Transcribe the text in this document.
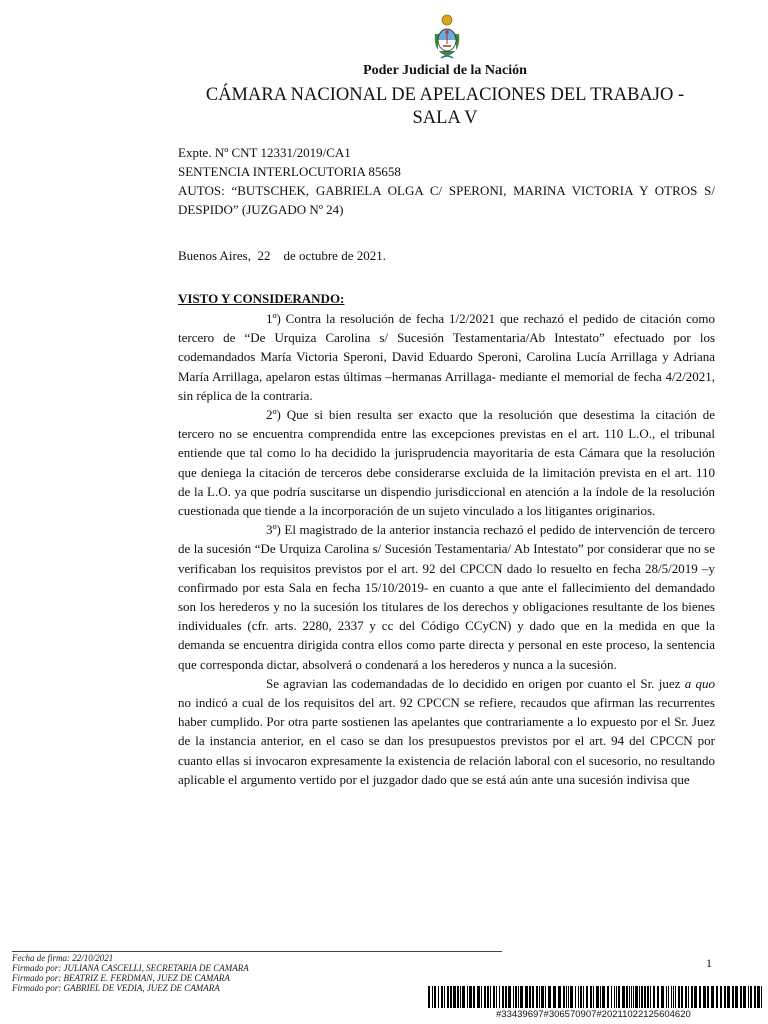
Poder Judicial de la Nación
CÁMARA NACIONAL DE APELACIONES DEL TRABAJO -
SALA V
Expte. Nº CNT 12331/2019/CA1
SENTENCIA INTERLOCUTORIA 85658
AUTOS: “BUTSCHEK, GABRIELA OLGA C/ SPERONI, MARINA VICTORIA Y OTROS S/ DESPIDO” (JUZGADO Nº 24)
Buenos Aires,  22    de octubre de 2021.
VISTO Y CONSIDERANDO:

1º) Contra la resolución de fecha 1/2/2021 que rechazó el pedido de citación como tercero de “De Urquiza Carolina s/ Sucesión Testamentaria/Ab Intestato” efectuado por los codemandados María Victoria Speroni, David Eduardo Speroni, Carolina Lucía Arrillaga y Adriana María Arrillaga, apelaron estas últimas –hermanas Arrillaga- mediante el memorial de fecha 4/2/2021, sin réplica de la contraria.

2º) Que si bien resulta ser exacto que la resolución que desestima la citación de tercero no se encuentra comprendida entre las excepciones previstas en el art. 110 L.O., el tribunal entiende que tal como lo ha decidido la jurisprudencia mayoritaria de esta Cámara que la resolución que deniega la citación de terceros debe considerarse excluida de la limitación prevista en el art. 110 de la L.O. ya que podría suscitarse un dispendio jurisdiccional en atención a la índole de la resolución cuestionada que tiende a la incorporación de un sujeto vinculado a los litigantes originarios.

3º) El magistrado de la anterior instancia rechazó el pedido de intervención de tercero de la sucesión “De Urquiza Carolina s/ Sucesión Testamentaria/ Ab Intestato” por considerar que no se verificaban los requisitos previstos por el art. 92 del CPCCN dado lo resuelto en fecha 28/5/2019 –y confirmado por esta Sala en fecha 15/10/2019- en cuanto a que ante el fallecimiento del demandado son los herederos y no la sucesión los titulares de los derechos y obligaciones resultante de los bienes individuales (cfr. arts. 2280, 2337 y cc del Código CCyCN) y dado que en la medida en que la demanda se encuentra dirigida contra ellos como parte directa y personal en este proceso, la sentencia que corresponda dictar, absolverá o condenará a los herederos y nunca a la sucesión.

Se agravian las codemandadas de lo decidido en origen por cuanto el Sr. juez a quo no indicó a cual de los requisitos del art. 92 CPCCN se refiere, recaudos que afirman las recurrentes haber cumplido. Por otra parte sostienen las apelantes que contrariamente a lo expuesto por el Sr. Juez de la instancia anterior, en el caso se dan los presupuestos previstos por el art. 94 del CPCCN por cuanto ellas si invocaron expresamente la existencia de relación laboral con el sucesorio, no resultando aplicable el argumento vertido por el juzgador dado que se está aún ante una sucesión indivisa que

Fecha de firma: 22/10/2021
Firmado por: JULIANA CASCELLI, SECRETARIA DE CAMARA
Firmado por: BEATRIZ E. FERDMAN, JUEZ DE CAMARA
Firmado por: GABRIEL DE VEDIA, JUEZ DE CAMARA
1
#33439697#306570907#20211022125604620
